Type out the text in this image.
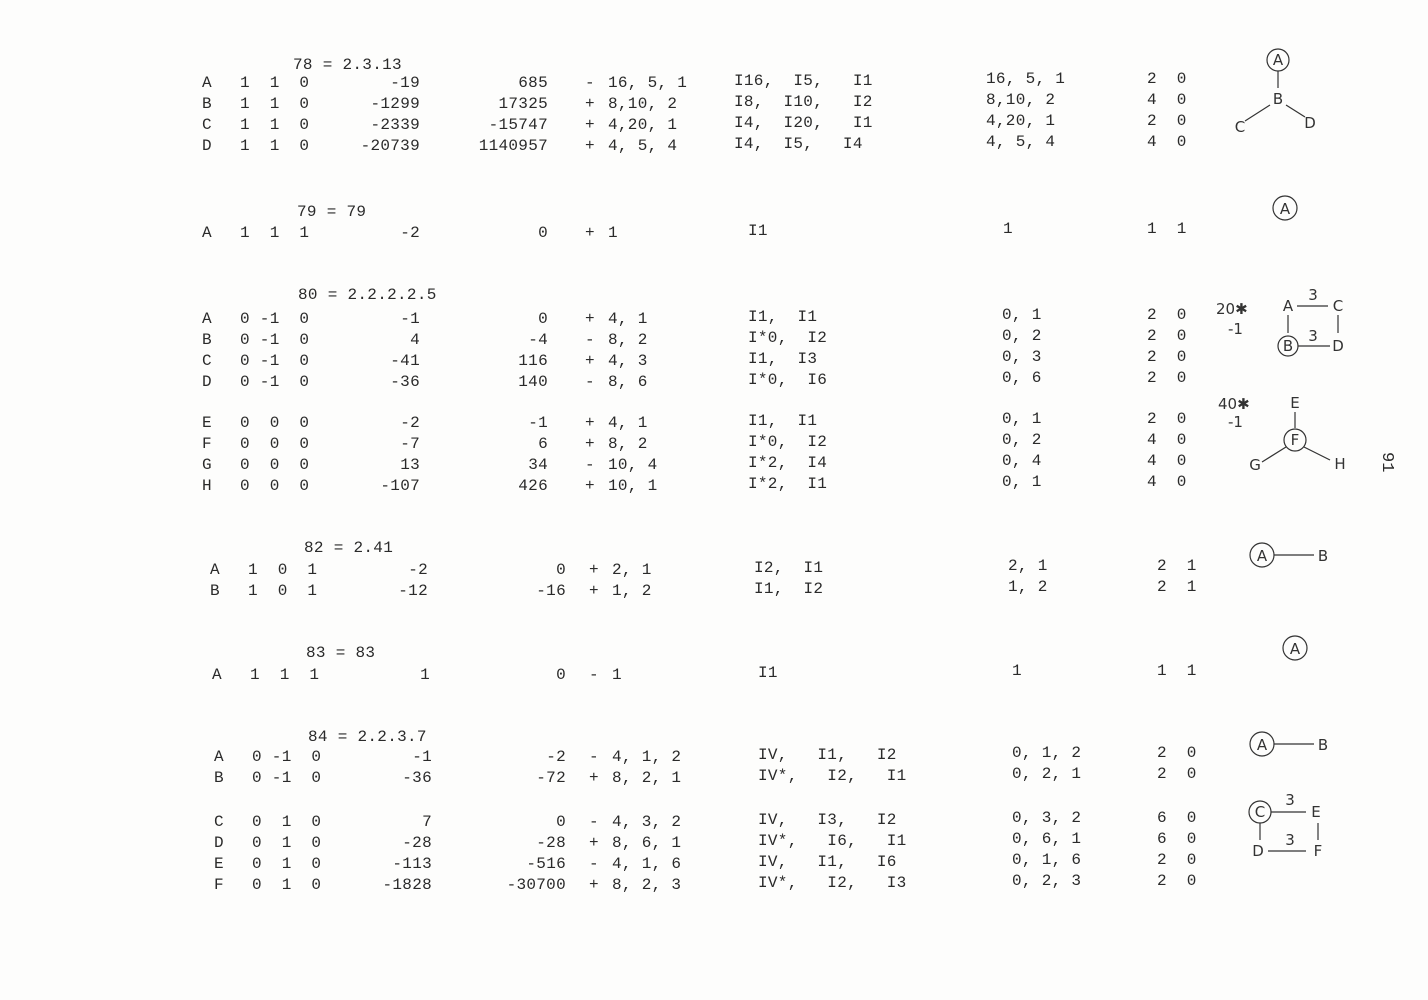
78 = 2.3.13
A 1  1  0	-19	685 - 16, 5, 1	I16,  I5,   I1	16, 5, 1	2  0
B 1  1  0	-1299	17325 + 8,10, 2	I8,  I10,   I2	8,10, 2	4  0
C 1  1  0	-2339	-15747 + 4,20, 1	I4,  I20,   I1	4,20, 1	2  0
D 1  1  0	-20739	1140957 + 4, 5, 4	I4,  I5,   I4	4, 5, 4	4  0
79 = 79
A 1  1  1	-2	0 + 1	I1	1	1  1
80 = 2.2.2.2.5
A 0 -1  0	-1	0 + 4, 1	I1,  I1	0, 1	2  0
B 0 -1  0	4	-4 - 8, 2	I*0,  I2	0, 2	2  0
C 0 -1  0	-41	116 + 4, 3	I1,  I3	0, 3	2  0
D 0 -1  0	-36	140 - 8, 6	I*0,  I6	0, 6	2  0
E 0  0  0	-2	-1 + 4, 1	I1,  I1	0, 1	2  0
F 0  0  0	-7	6 + 8, 2	I*0,  I2	0, 2	4  0
G 0  0  0	13	34 - 10, 4	I*2,  I4	0, 4	4  0
H 0  0  0	-107	426 + 10, 1	I*2,  I1	0, 1	4  0
82 = 2.41
A 1  0  1	-2	0 + 2, 1	I2,  I1	2, 1	2  1
B 1  0  1	-12	-16 + 1, 2	I1,  I2	1, 2	2  1
83 = 83
A 1  1  1	1	0 - 1	I1	1	1  1
84 = 2.2.3.7
A 0 -1  0	-1	-2 - 4, 1, 2	IV,   I1,   I2	0, 1, 2	2  0
B 0 -1  0	-36	-72 + 8, 2, 1	IV*,   I2,   I1	0, 2, 1	2  0
C 0  1  0	7	0 - 4, 3, 2	IV,   I3,   I2	0, 3, 2	6  0
D 0  1  0	-28	-28 + 8, 6, 1	IV*,   I6,   I1	0, 6, 1	6  0
E 0  1  0	-113	-516 - 4, 1, 6	IV,   I1,   I6	0, 1, 6	2  0
F 0  1  0	-1828	-30700 + 8, 2, 3	IV*,   I2,   I3	0, 2, 3	2  0
91
20✱
-1
40✱
-1
A
B
C	D
A
A
3
C
B
3
D
E
F
G	H
A	B
A
A	B
C
3
E
D
3
F
